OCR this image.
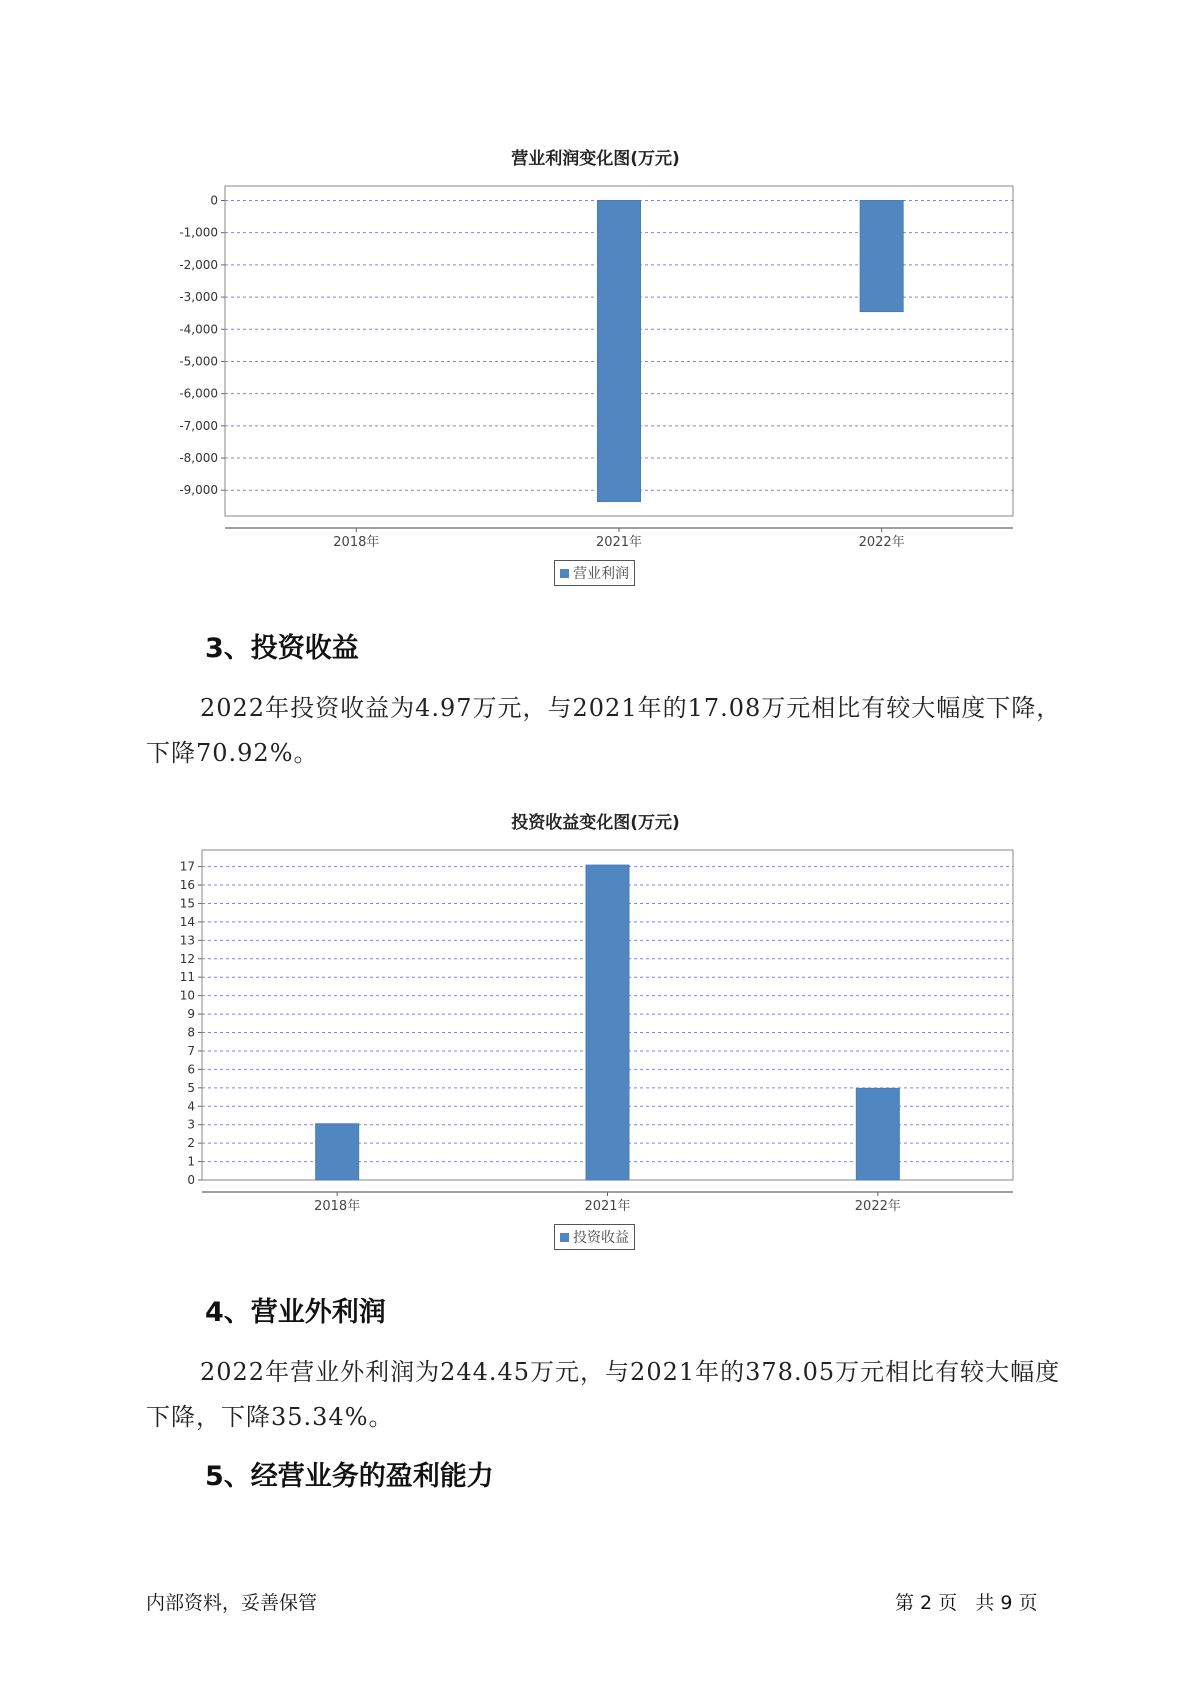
营业利润变化图(万元)
0
-1,000
-2,000
-3,000
-4,000
-5,000
-6,000
-7,000
-8,000
-9,000
2018年	2021年	2022年
营业利润
3、投资收益
2022年投资收益为4.97万元，与2021年的17.08万元相比有较大幅度下降，下降70.92%。
投资收益变化图(万元)
0
1
2
3
4
5
6
7
8
9
10
11
12
13
14
15
16
17
2018年	2021年	2022年
投资收益
4、营业外利润
2022年营业外利润为244.45万元，与2021年的378.05万元相比有较大幅度下降，下降35.34%。
5、经营业务的盈利能力
内部资料，妥善保管	第 2 页   共 9 页
